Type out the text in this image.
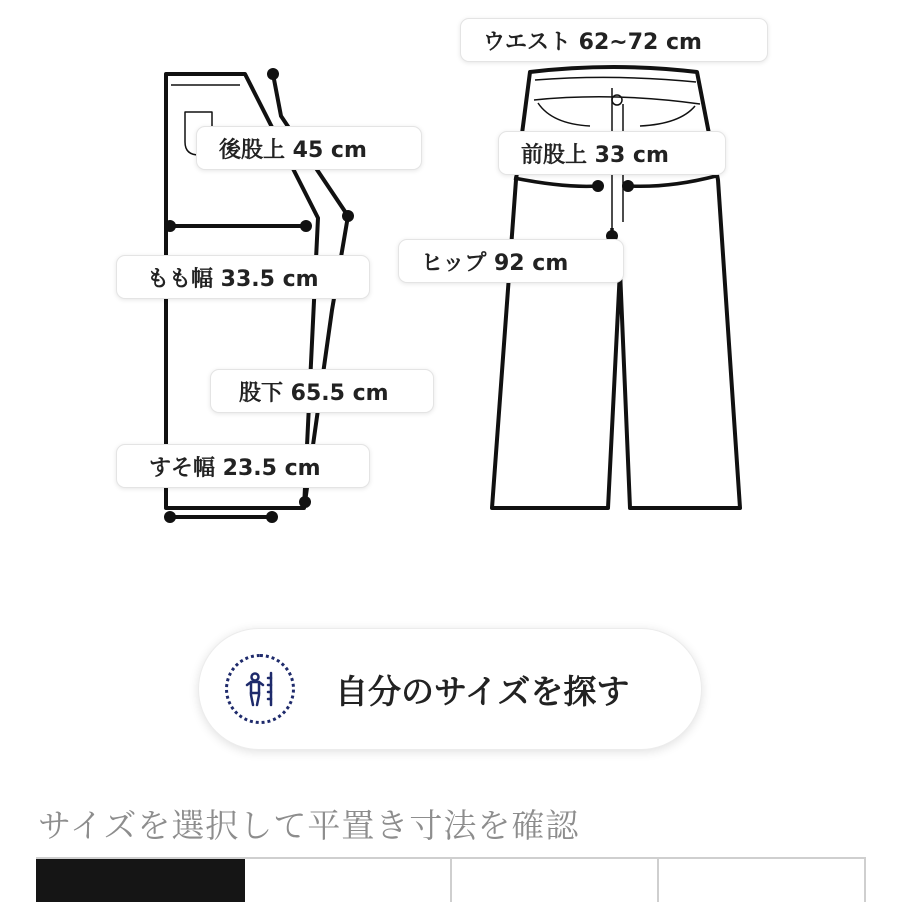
ウエスト 62~72 cm
後股上 45 cm	前股上 33 cm
ヒップ 92 cm
もも幅 33.5 cm
股下 65.5 cm
すそ幅 23.5 cm
自分のサイズを探す
サイズを選択して平置き寸法を確認
